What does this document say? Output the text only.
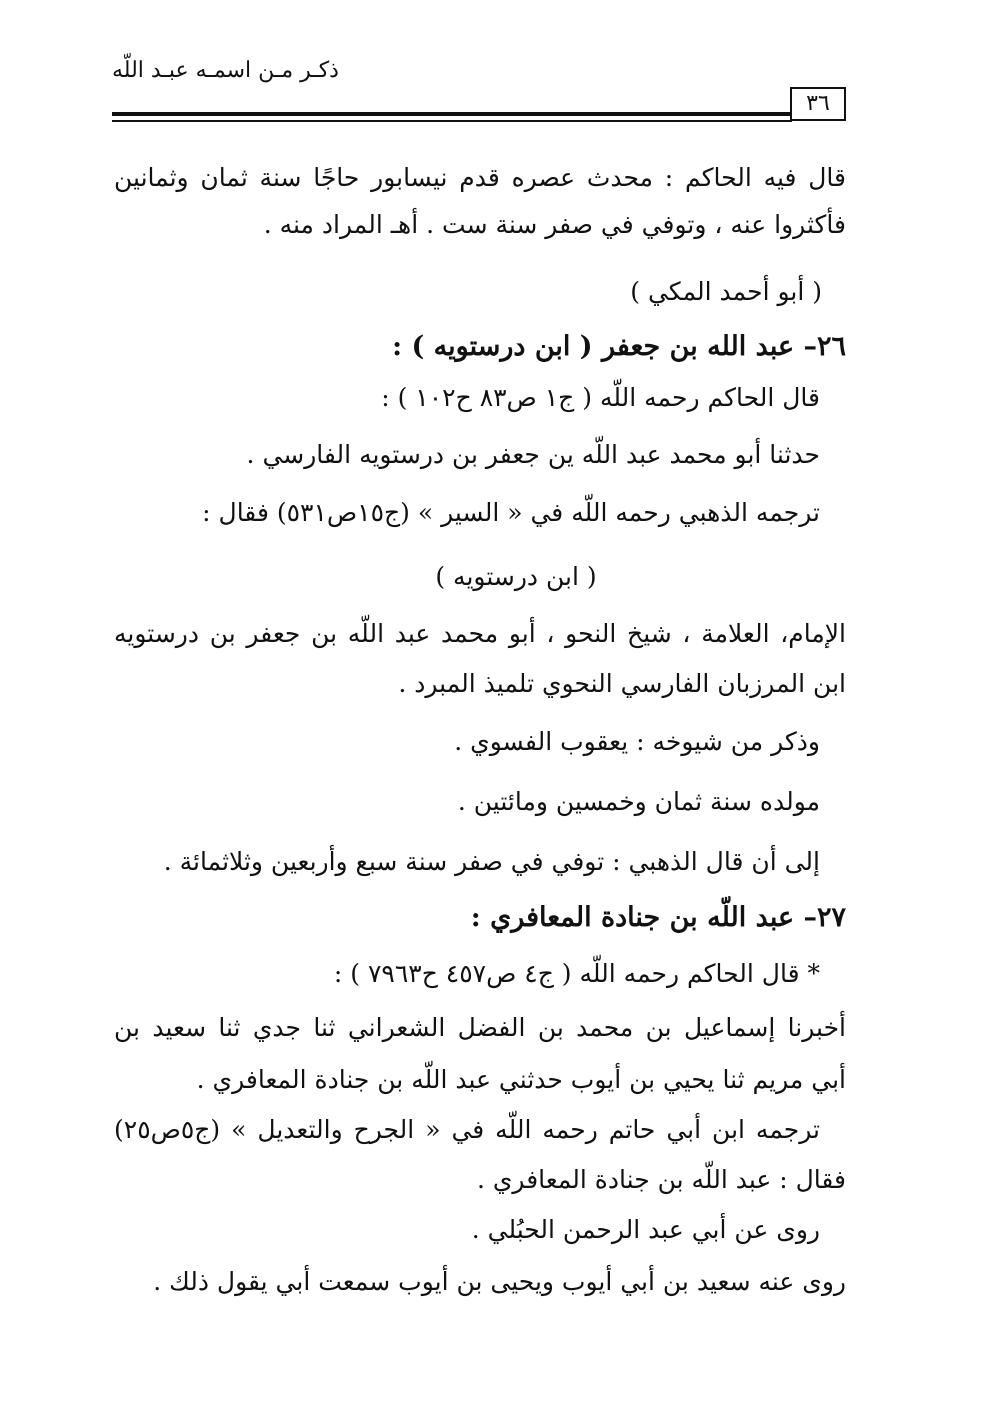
ذكـر مـن اسمـه عبـد اللّه
٣٦
قال فيه الحاكم : محدث عصره قدم نيسابور حاجًا سنة ثمان وثمانين
فأكثروا عنه ، وتوفي في صفر سنة ست . أهـ المراد منه .
( أبو أحمد المكي )
٢٦– عبد الله بن جعفر ( ابن درستويه ) :
قال الحاكم رحمه اللّه ( ج١ ص٨٣ ح١٠٢ ) :
حدثنا أبو محمد عبد اللّه ين جعفر بن درستويه الفارسي .
ترجمه الذهبي رحمه اللّه في « السير » (ج١٥ص٥٣١) فقال :
( ابن درستويه )
الإمام، العلامة ، شيخ النحو ، أبو محمد عبد اللّه بن جعفر بن درستويه
ابن المرزبان الفارسي النحوي تلميذ المبرد .
وذكر من شيوخه : يعقوب الفسوي .
مولده سنة ثمان وخمسين ومائتين .
إلى أن قال الذهبي : توفي في صفر سنة سبع وأربعين وثلاثمائة .
٢٧– عبد اللّه بن جنادة المعافري :
* قال الحاكم رحمه اللّه ( ج٤ ص٤٥٧ ح٧٩٦٣ ) :
أخبرنا إسماعيل بن محمد بن الفضل الشعراني ثنا جدي ثنا سعيد بن
أبي مريم ثنا يحيي بن أيوب حدثني عبد اللّه بن جنادة المعافري .
ترجمه ابن أبي حاتم رحمه اللّه في « الجرح والتعديل » (ج٥ص٢٥)
فقال : عبد اللّه بن جنادة المعافري .
روى عن أبي عبد الرحمن الحبُلي .
روى عنه سعيد بن أبي أيوب ويحيى بن أيوب سمعت أبي يقول ذلك .
